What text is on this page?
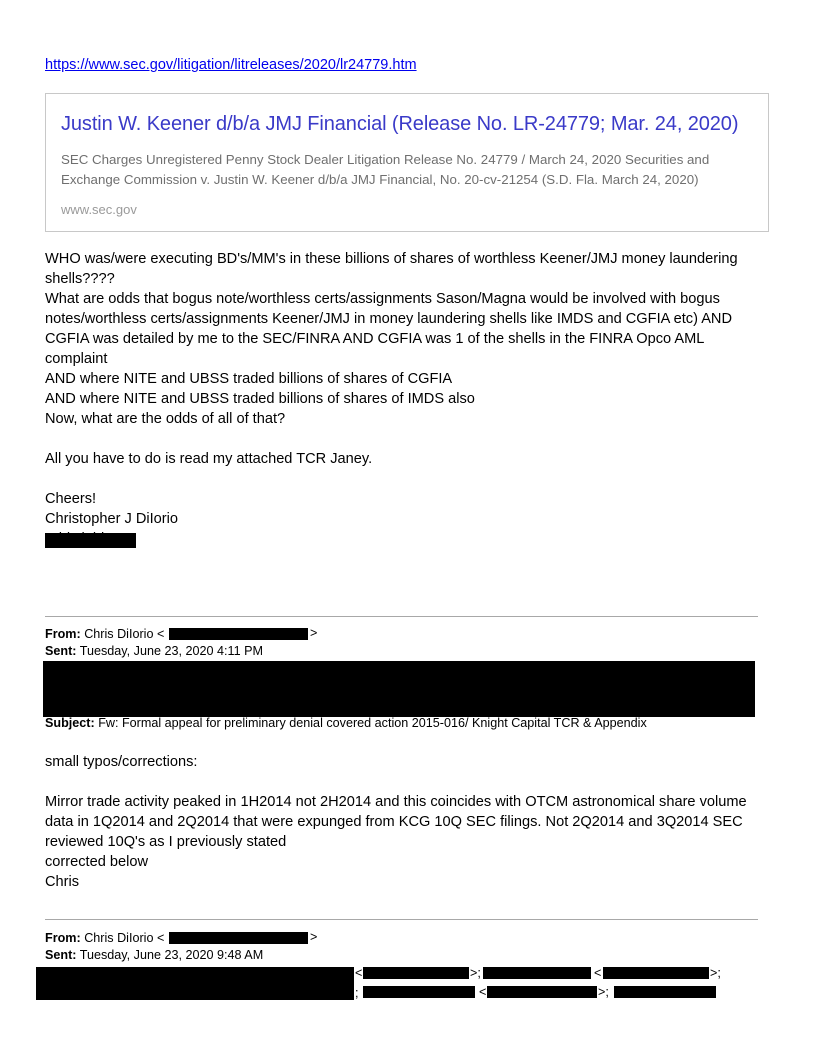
https://www.sec.gov/litigation/litreleases/2020/lr24779.htm
Justin W. Keener d/b/a JMJ Financial (Release No. LR-24779; Mar. 24, 2020)
SEC Charges Unregistered Penny Stock Dealer Litigation Release No. 24779 / March 24, 2020 Securities and Exchange Commission v. Justin W. Keener d/b/a JMJ Financial, No. 20-cv-21254 (S.D. Fla. March 24, 2020)
www.sec.gov

WHO was/were executing BD's/MM's in these billions of shares of worthless Keener/JMJ money laundering shells????

What are odds that bogus note/worthless certs/assignments Sason/Magna would be involved with bogus notes/worthless certs/assignments Keener/JMJ in money laundering shells like IMDS and CGFIA etc) AND CGFIA was detailed by me to the SEC/FINRA AND CGFIA was 1 of the shells in the FINRA Opco AML complaint

AND where NITE and UBSS traded billions of shares of CGFIA

AND where NITE and UBSS traded billions of shares of IMDS also

Now, what are the odds of all of that?

All you have to do is read my attached TCR Janey.

Cheers!

Christopher J DiIorio

From: Chris DiIorio <	>
Sent: Tuesday, June 23, 2020 4:11 PM
Subject: Fw: Formal appeal for preliminary denial covered action 2015-016/ Knight Capital TCR & Appendix

small typos/corrections:

Mirror trade activity peaked in 1H2014 not 2H2014 and this coincides with OTCM astronomical share volume data in 1Q2014 and 2Q2014 that were expunged from KCG 10Q SEC filings. Not 2Q2014 and 3Q2014 SEC reviewed 10Q's as I previously stated

corrected below

Chris

From: Chris DiIorio <	>
Sent: Tuesday, June 23, 2020 9:48 AM
<	>;	<	>;
;	<	>;
